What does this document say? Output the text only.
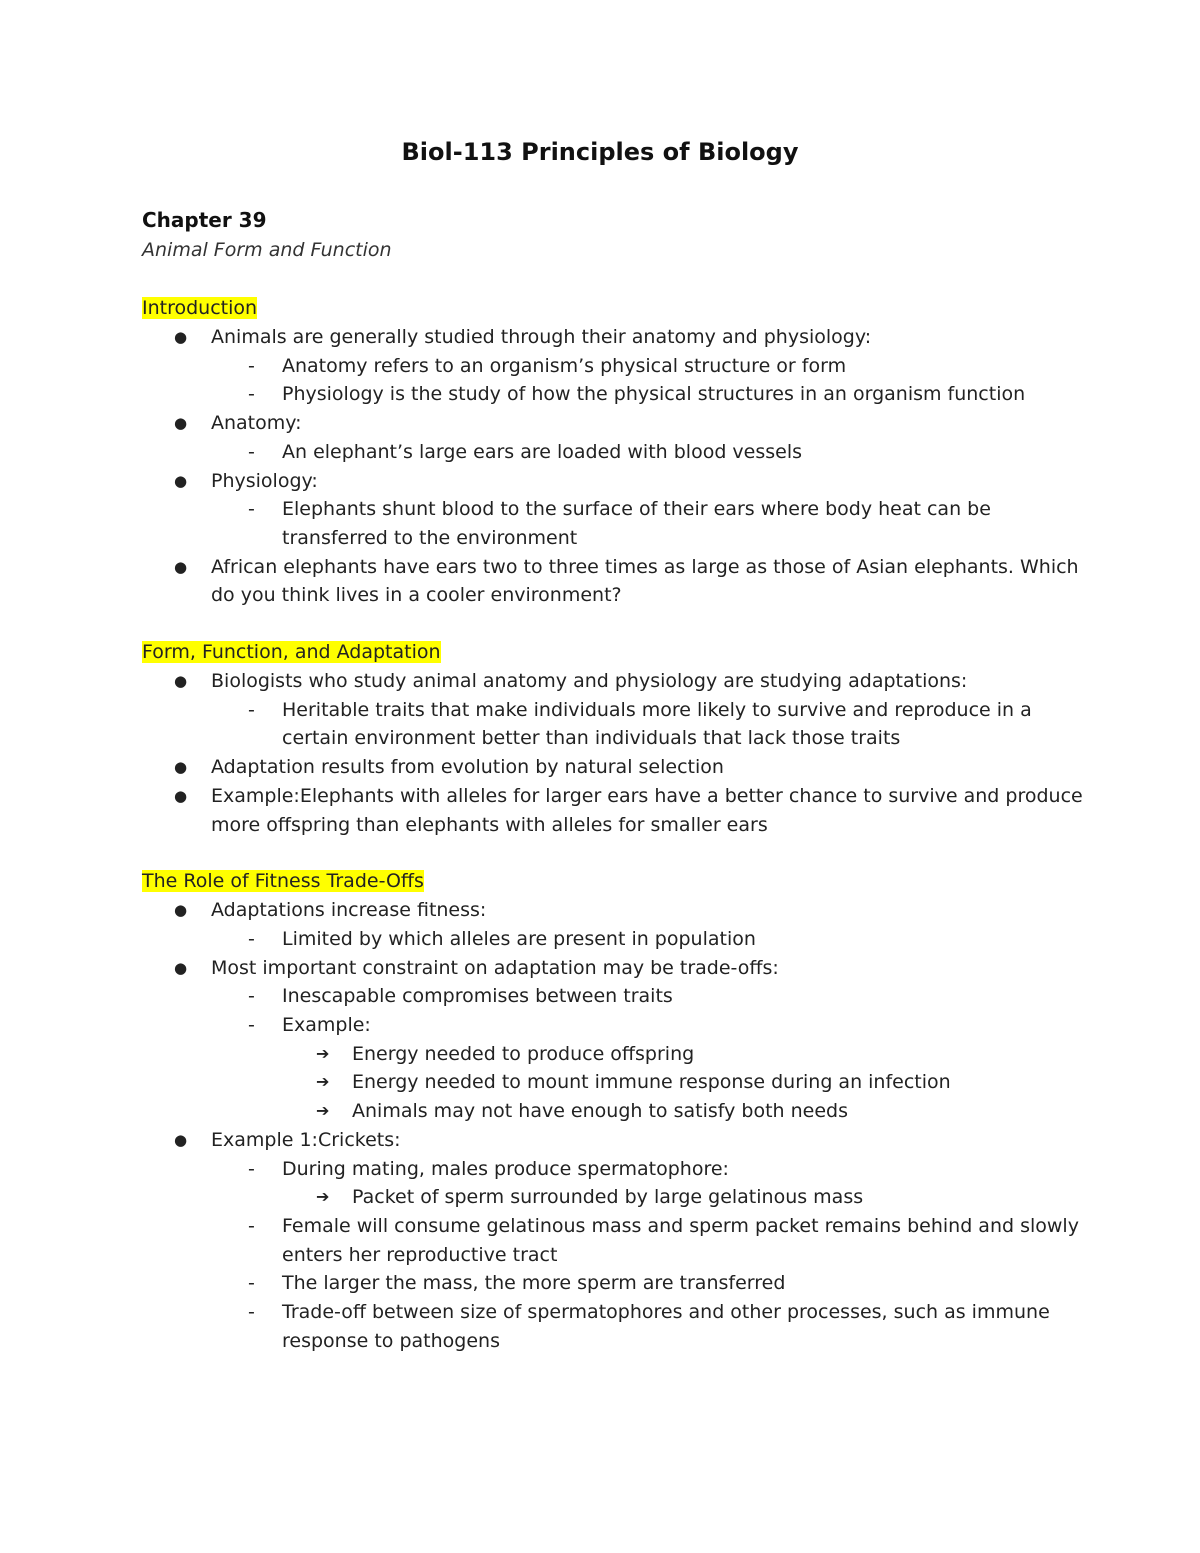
Biol-113 Principles of Biology
Chapter 39
Animal Form and Function
Introduction
● Animals are generally studied through their anatomy and physiology:
- Anatomy refers to an organism’s physical structure or form
- Physiology is the study of how the physical structures in an organism function
● Anatomy:
- An elephant’s large ears are loaded with blood vessels
● Physiology:
- Elephants shunt blood to the surface of their ears where body heat can be transferred to the environment
● African elephants have ears two to three times as large as those of Asian elephants. Which do you think lives in a cooler environment?
Form, Function, and Adaptation
● Biologists who study animal anatomy and physiology are studying adaptations:
- Heritable traits that make individuals more likely to survive and reproduce in a certain environment better than individuals that lack those traits
● Adaptation results from evolution by natural selection
● Example:Elephants with alleles for larger ears have a better chance to survive and produce more offspring than elephants with alleles for smaller ears
The Role of Fitness Trade-Offs
● Adaptations increase fitness:
- Limited by which alleles are present in population
● Most important constraint on adaptation may be trade-offs:
- Inescapable compromises between traits
- Example:
➔ Energy needed to produce offspring
➔ Energy needed to mount immune response during an infection
➔ Animals may not have enough to satisfy both needs
● Example 1:Crickets:
- During mating, males produce spermatophore:
➔ Packet of sperm surrounded by large gelatinous mass
- Female will consume gelatinous mass and sperm packet remains behind and slowly enters her reproductive tract
- The larger the mass, the more sperm are transferred
- Trade-off between size of spermatophores and other processes, such as immune response to pathogens
